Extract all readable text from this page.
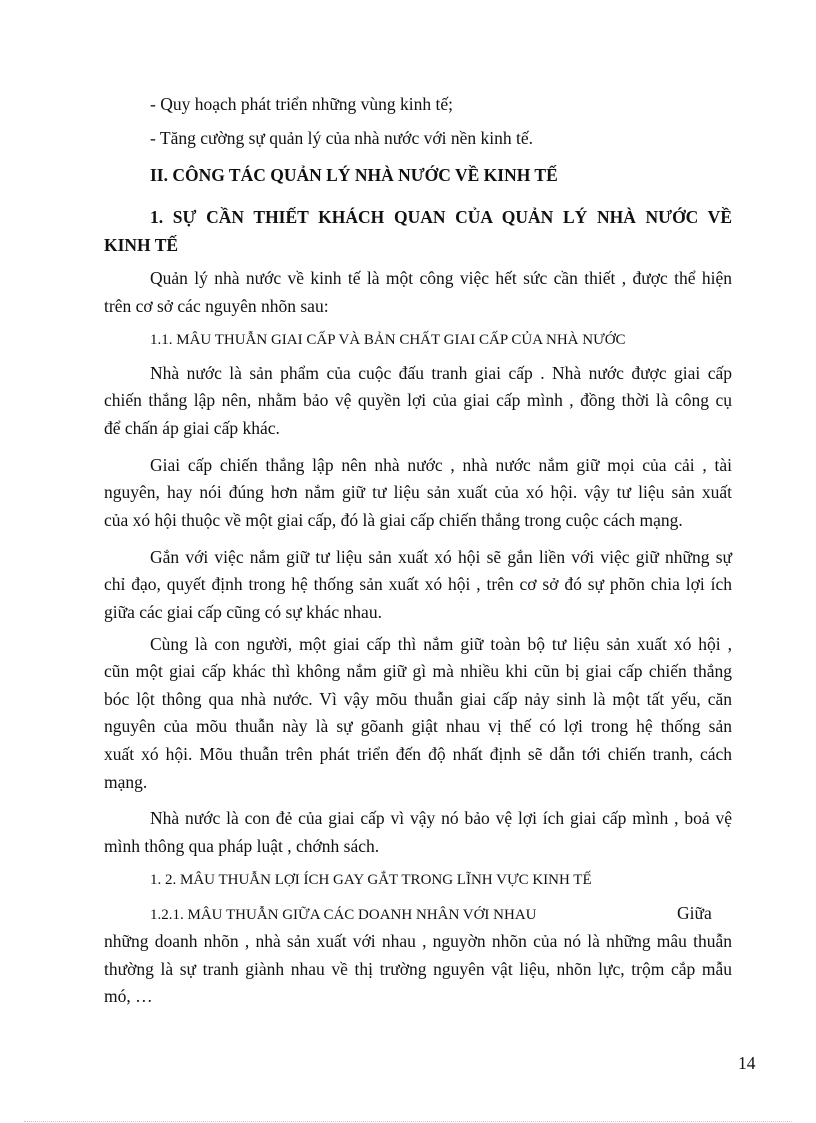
- Quy hoạch phát triển những vùng kinh tế;
- Tăng cường sự quản lý của nhà nước với nền kinh tế.
II. CÔNG TÁC QUẢN LÝ NHÀ NƯỚC VỀ KINH TẾ
1. SỰ CẦN THIẾT KHÁCH QUAN CỦA QUẢN LÝ NHÀ NƯỚC VỀ
KINH TẾ
Quản lý nhà nước về kinh tế là một công việc hết sức cần thiết , được thể hiện
trên cơ sở các nguyên nhõn sau:
1.1. MÂU THUẪN GIAI CẤP VÀ BẢN CHẤT GIAI CẤP CỦA NHÀ NƯỚC
Nhà nước là sản phẩm của cuộc đấu tranh giai cấp . Nhà nước được giai cấp
chiến thắng lập nên, nhằm bảo vệ quyền lợi của giai cấp mình , đồng thời là công cụ
để chấn áp giai cấp khác.
Giai cấp chiến thắng lập nên nhà nước , nhà nước nắm giữ mọi của cải , tài
nguyên, hay nói đúng hơn nắm giữ tư liệu sản xuất của xó hội. vậy tư liệu sản xuất
của xó hội thuộc về một giai cấp, đó là giai cấp chiến thắng trong cuộc cách mạng.
Gắn với việc nắm giữ tư liệu sản xuất xó hội sẽ gắn liền với việc giữ những sự
chỉ đạo, quyết định trong hệ thống sản xuất xó hội , trên cơ sở đó sự phõn chia lợi ích
giữa các giai cấp cũng có sự khác nhau.
Cùng là con người, một giai cấp thì nắm giữ toàn bộ tư liệu sản xuất xó hội ,
cũn một giai cấp khác thì không nắm giữ gì mà nhiều khi cũn bị giai cấp chiến thắng
bóc lột thông qua nhà nước. Vì vậy mõu thuẫn giai cấp nảy sinh là một tất yếu, căn
nguyên của mõu thuẫn này là sự gõanh giật nhau vị thế có lợi trong hệ thống sản
xuất xó hội. Mõu thuẫn trên phát triển đến độ nhất định sẽ dẫn tới chiến tranh, cách
mạng.
Nhà nước là con đẻ của giai cấp vì vậy nó bảo vệ lợi ích giai cấp mình , boả vệ
mình thông qua pháp luật , chớnh sách.
1. 2. MÂU THUẪN LỢI ÍCH GAY GẮT TRONG LĨNH VỰC KINH TẾ
1.2.1. MÂU THUẪN GIỮA CÁC DOANH NHÂN VỚI NHAU	Giữa
những doanh nhõn , nhà sản xuất với nhau , nguyờn nhõn của nó là những mâu thuẫn
thường là sự tranh giành nhau về thị trường nguyên vật liệu, nhõn lực, trộm cắp mẫu
mó, …
14
